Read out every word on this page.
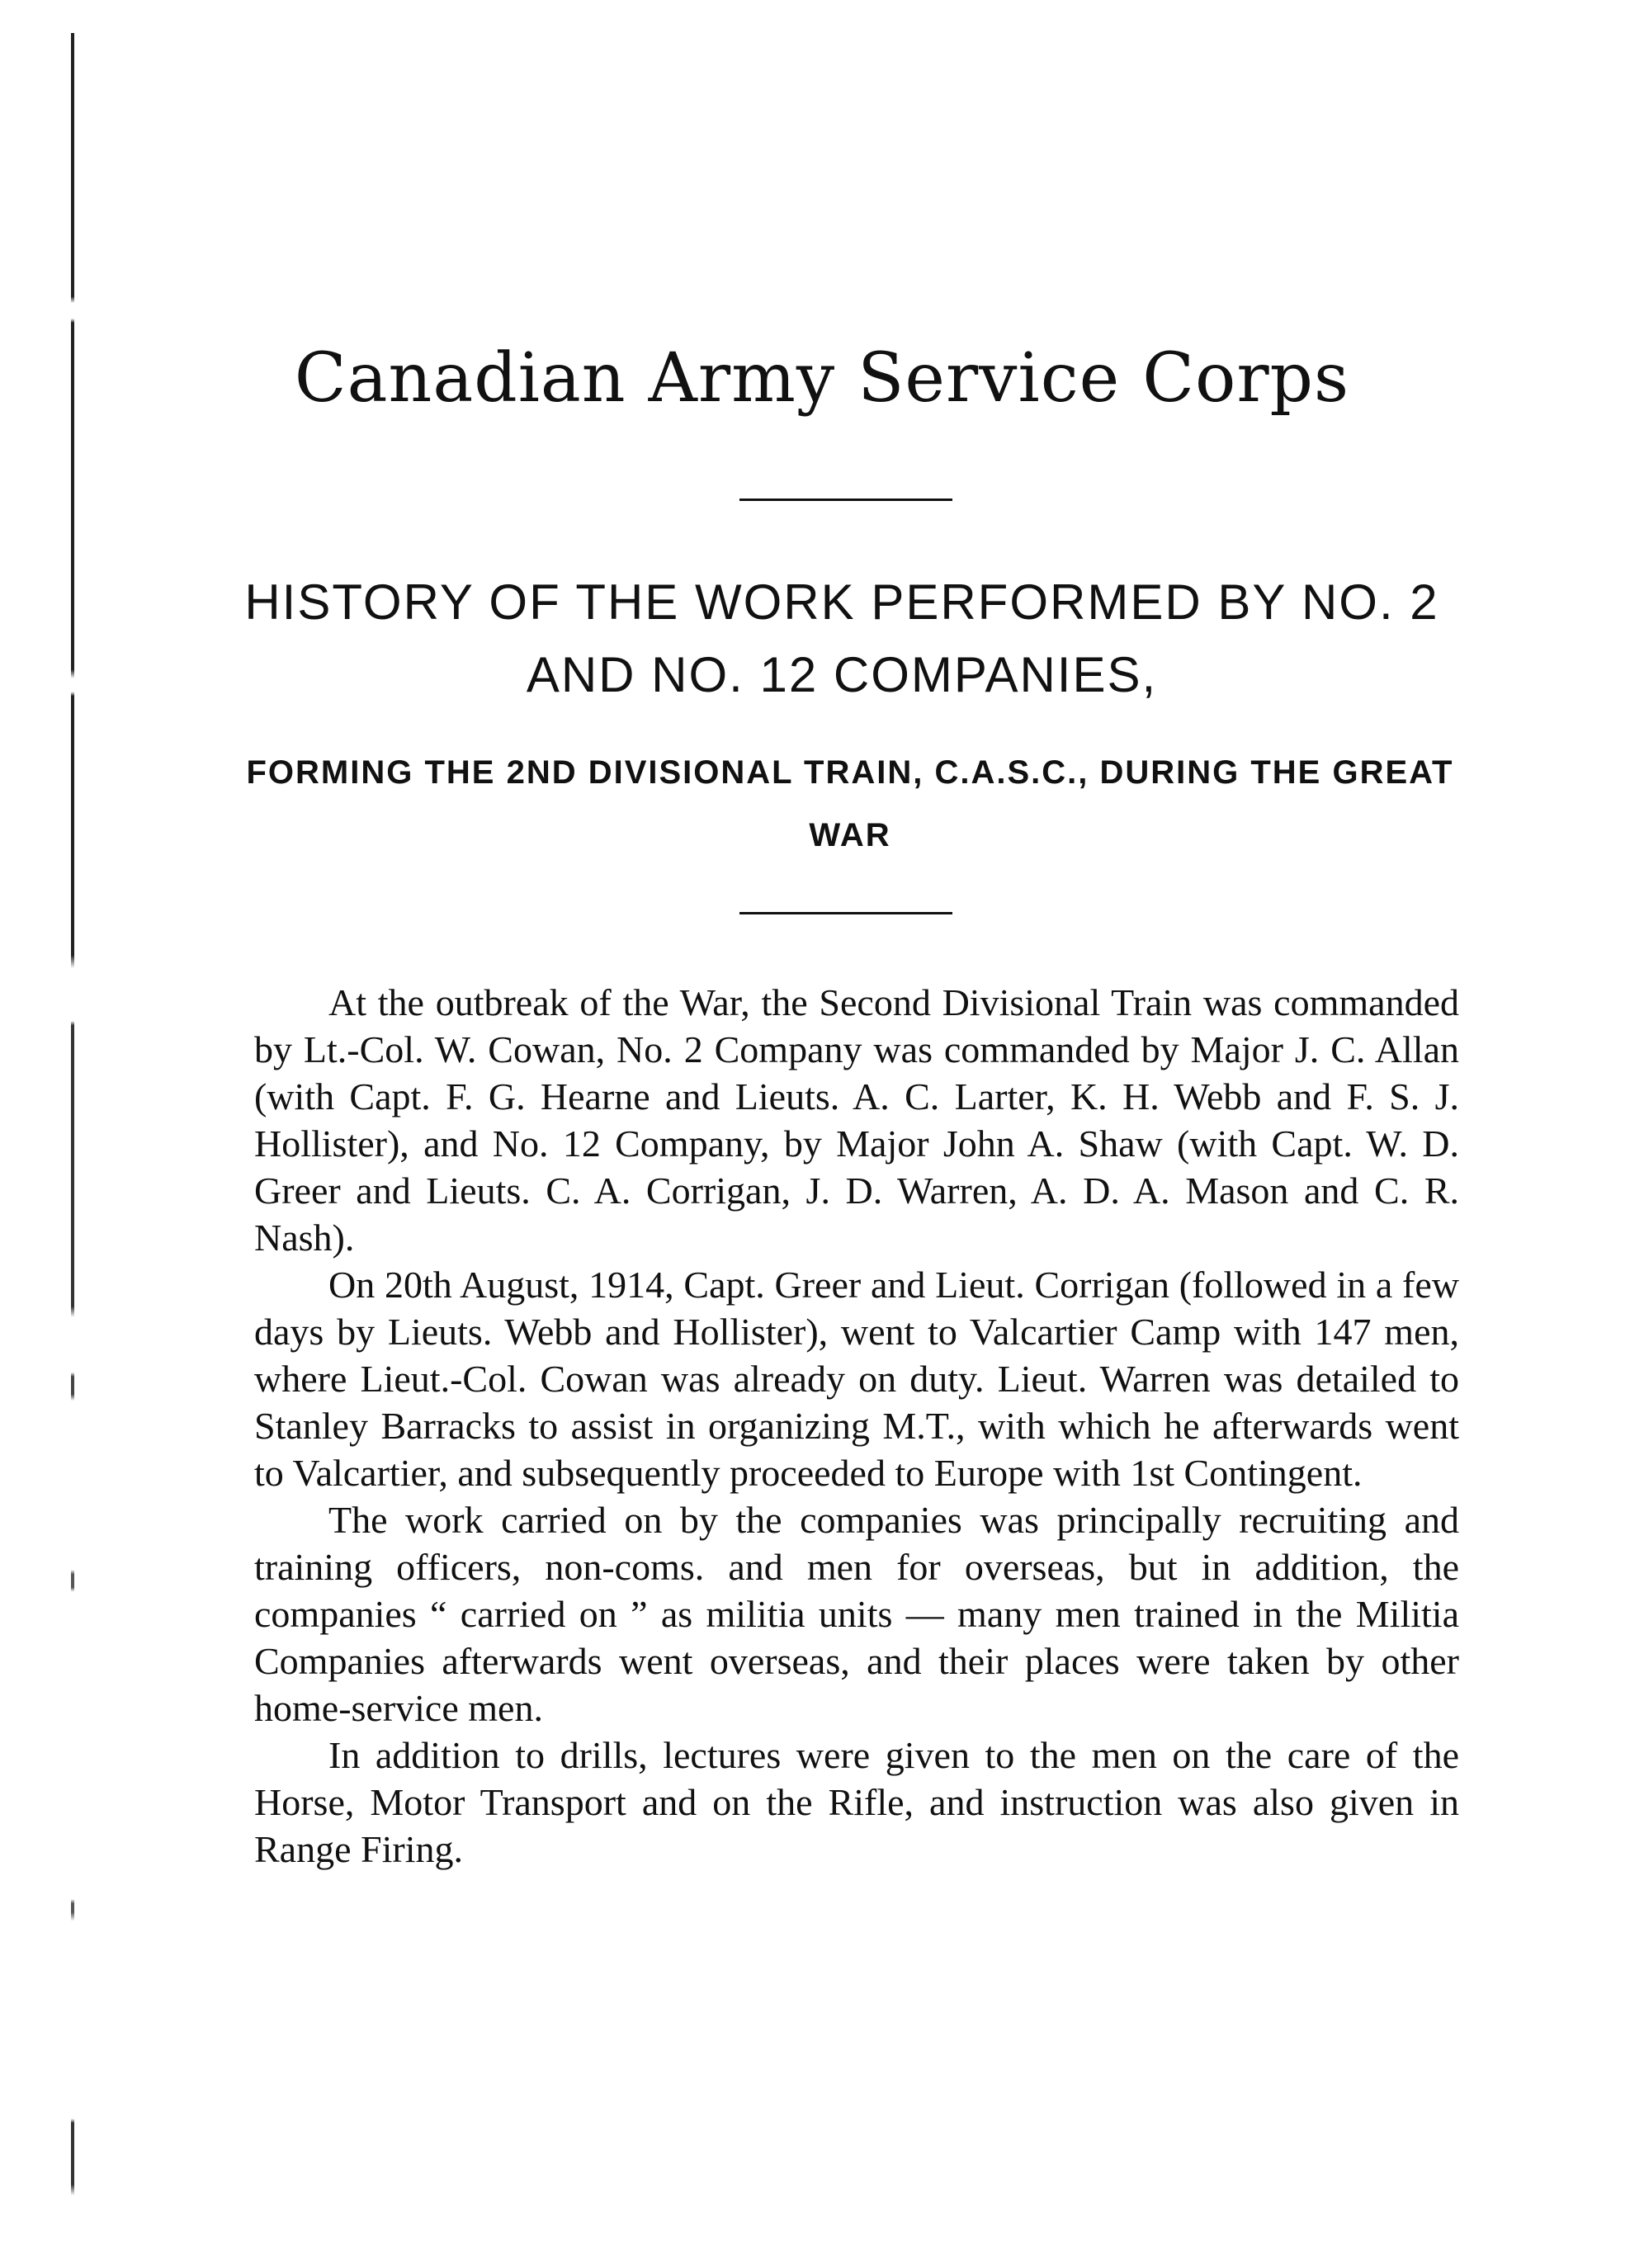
Canadian Army Service Corps
HISTORY OF THE WORK PERFORMED BY NO. 2 AND NO. 12 COMPANIES,
FORMING THE 2ND DIVISIONAL TRAIN, C.A.S.C., DURING THE GREAT WAR

At the outbreak of the War, the Second Divisional Train was commanded by Lt.-Col. W. Cowan, No. 2 Company was commanded by Major J. C. Allan (with Capt. F. G. Hearne and Lieuts. A. C. Larter, K. H. Webb and F. S. J. Hollister), and No. 12 Company, by Major John A. Shaw (with Capt. W. D. Greer and Lieuts. C. A. Corrigan, J. D. Warren, A. D. A. Mason and C. R. Nash).

On 20th August, 1914, Capt. Greer and Lieut. Corrigan (followed in a few days by Lieuts. Webb and Hollister), went to Valcartier Camp with 147 men, where Lieut.-Col. Cowan was already on duty. Lieut. Warren was detailed to Stanley Barracks to assist in organizing M.T., with which he afterwards went to Valcartier, and subsequently proceeded to Europe with 1st Contingent.

The work carried on by the companies was principally recruiting and training officers, non-coms. and men for overseas, but in addition, the companies “ carried on ” as militia units — many men trained in the Militia Companies afterwards went overseas, and their places were taken by other home-service men.

In addition to drills, lectures were given to the men on the care of the Horse, Motor Transport and on the Rifle, and instruction was also given in Range Firing.
